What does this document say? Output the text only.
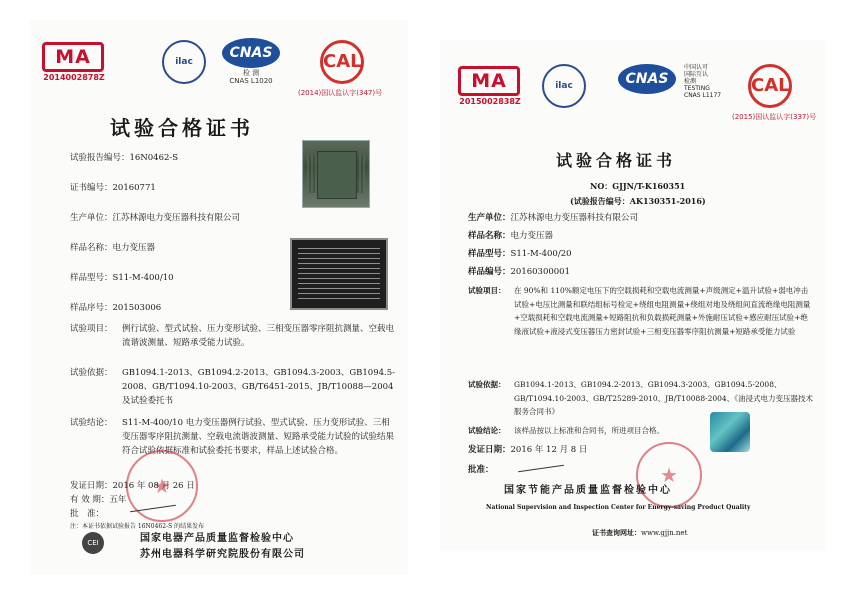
MA
2014002878Z
ilac
CNAS
检 测
CNAS L1020
CAL
(2014)国认监认字(347)号
试验合格证书
试验报告编号：16N0462-S
证书编号：20160771
生产单位：江苏林源电力变压器科技有限公司
样品名称：电力变压器
样品型号：S11-M-400/10
样品序号：201503006
试验项目： 例行试验、型式试验、压力变形试验、三相变压器零序阻抗测量、空载电流谐波测量、短路承受能力试验。
试验依据： GB1094.1-2013、GB1094.2-2013、GB1094.3-2003、GB1094.5-2008、GB/T1094.10-2003、GB/T6451-2015、JB/T10088—2004 及试验委托书
试验结论： S11-M-400/10 电力变压器例行试验、型式试验、压力变形试验、三相变压器零序阻抗测量、空载电流谐波测量、短路承受能力试验的试验结果符合试验依据标准和试验委托书要求，样品上述试验合格。
★
发证日期：2016 年 08 月 26 日
有 效 期：五年
批　准：
注：本证书依据试验报告 16N0462-S 的结果发布
CEI	国家电器产品质量监督检验中心
苏州电器科学研究院股份有限公司
MA
2015002838Z
ilac	CNAS
中国认可
国际互认
检测
TESTING
CNAS L1177 CAL
(2015)国认监认字(337)号
试验合格证书
NO：GJJN/T-K160351
(试验报告编号：AK130351-2016)
生产单位：江苏林源电力变压器科技有限公司
样品名称：电力变压器
样品型号：S11-M-400/20
样品编号：20160300001
试验项目： 在 90%和 110%额定电压下的空载损耗和空载电流测量+声级测定+温升试验+弱电冲击试验+电压比测量和联结组标号检定+绕组电阻测量+绕组对地及绕组间直流绝缘电阻测量+空载损耗和空载电流测量+短路阻抗和负载损耗测量+外施耐压试验+感应耐压试验+绝缘液试验+液浸式变压器压力密封试验+三相变压器零序阻抗测量+短路承受能力试验
试验依据： GB1094.1-2013、GB1094.2-2013、GB1094.3-2003、GB1094.5-2008、GB/T1094.10-2003、GB/T25289-2010、JB/T10088-2004、《油浸式电力变压器技术服务合同书》
试验结论： 该样品按以上标准和合同书，所进项目合格。
发证日期：2016 年 12 月 8 日
批准：
★
国家节能产品质量监督检验中心
National Supervision and Inspection Center for Energy-saving Product Quality
证书查询网址：www.gjjn.net
